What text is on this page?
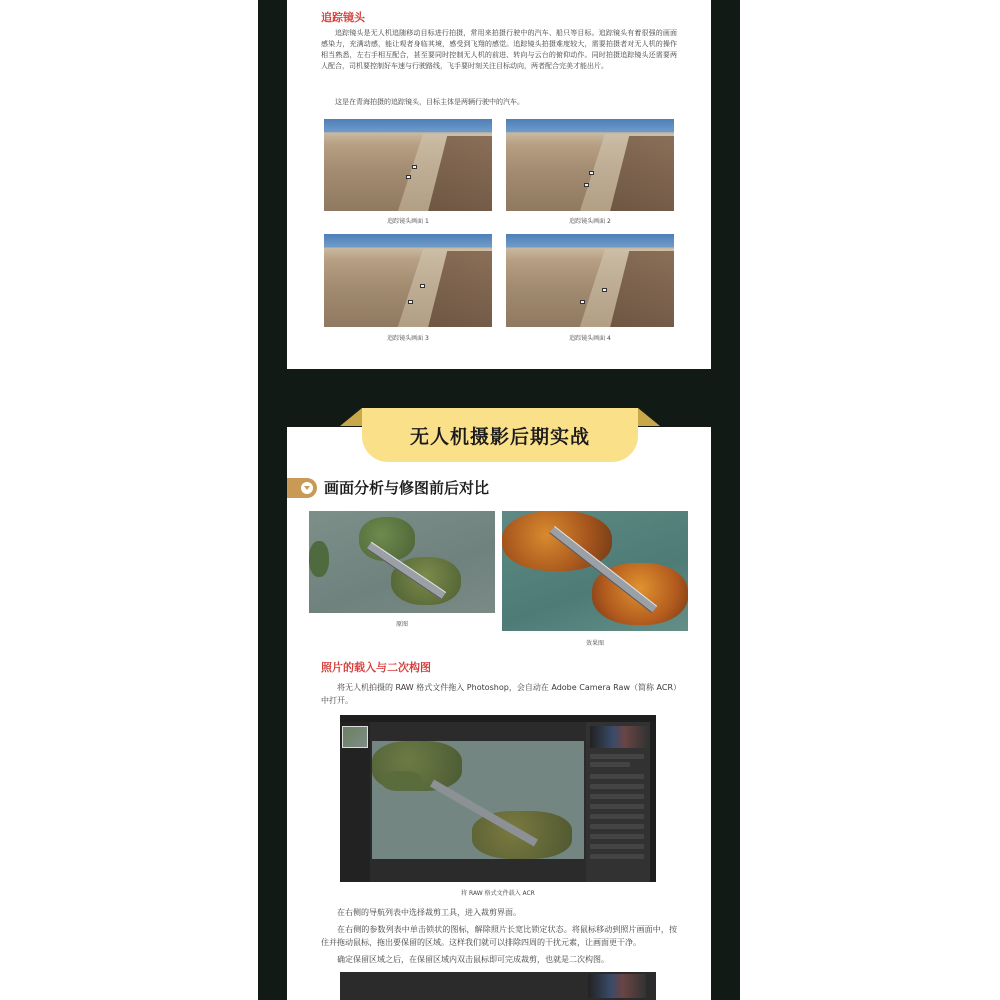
追踪镜头
追踪镜头是无人机追随移动目标进行拍摄，常用来拍摄行驶中的汽车、船只等目标。追踪镜头有着很强的画面感染力，充满动感，能让观者身临其境，感受到飞翔的感觉。追踪镜头拍摄难度较大，需要拍摄者对无人机的操作相当熟悉，左右手相互配合，甚至要同时控制无人机的前进、转向与云台的俯仰动作。同时拍摄追踪镜头还需要两人配合，司机要控制好车速与行驶路线，飞手要时刻关注目标动向，两者配合完美才能出片。
这是在青海拍摄的追踪镜头，目标主体是两辆行驶中的汽车。
追踪镜头画面 1	追踪镜头画面 2
追踪镜头画面 3	追踪镜头画面 4
原图
效果图
照片的载入与二次构图
将无人机拍摄的 RAW 格式文件拖入 Photoshop，会自动在 Adobe Camera Raw（简称 ACR）中打开。
将 RAW 格式文件载入 ACR
在右侧的导航列表中选择裁剪工具，进入裁剪界面。
在右侧的参数列表中单击锁状的图标，解除照片长宽比锁定状态。将鼠标移动到照片画面中，按住并拖动鼠标，拖出要保留的区域。这样我们就可以排除四周的干扰元素，让画面更干净。
确定保留区域之后，在保留区域内双击鼠标即可完成裁剪，也就是二次构图。
无人机摄影后期实战
画面分析与修图前后对比
